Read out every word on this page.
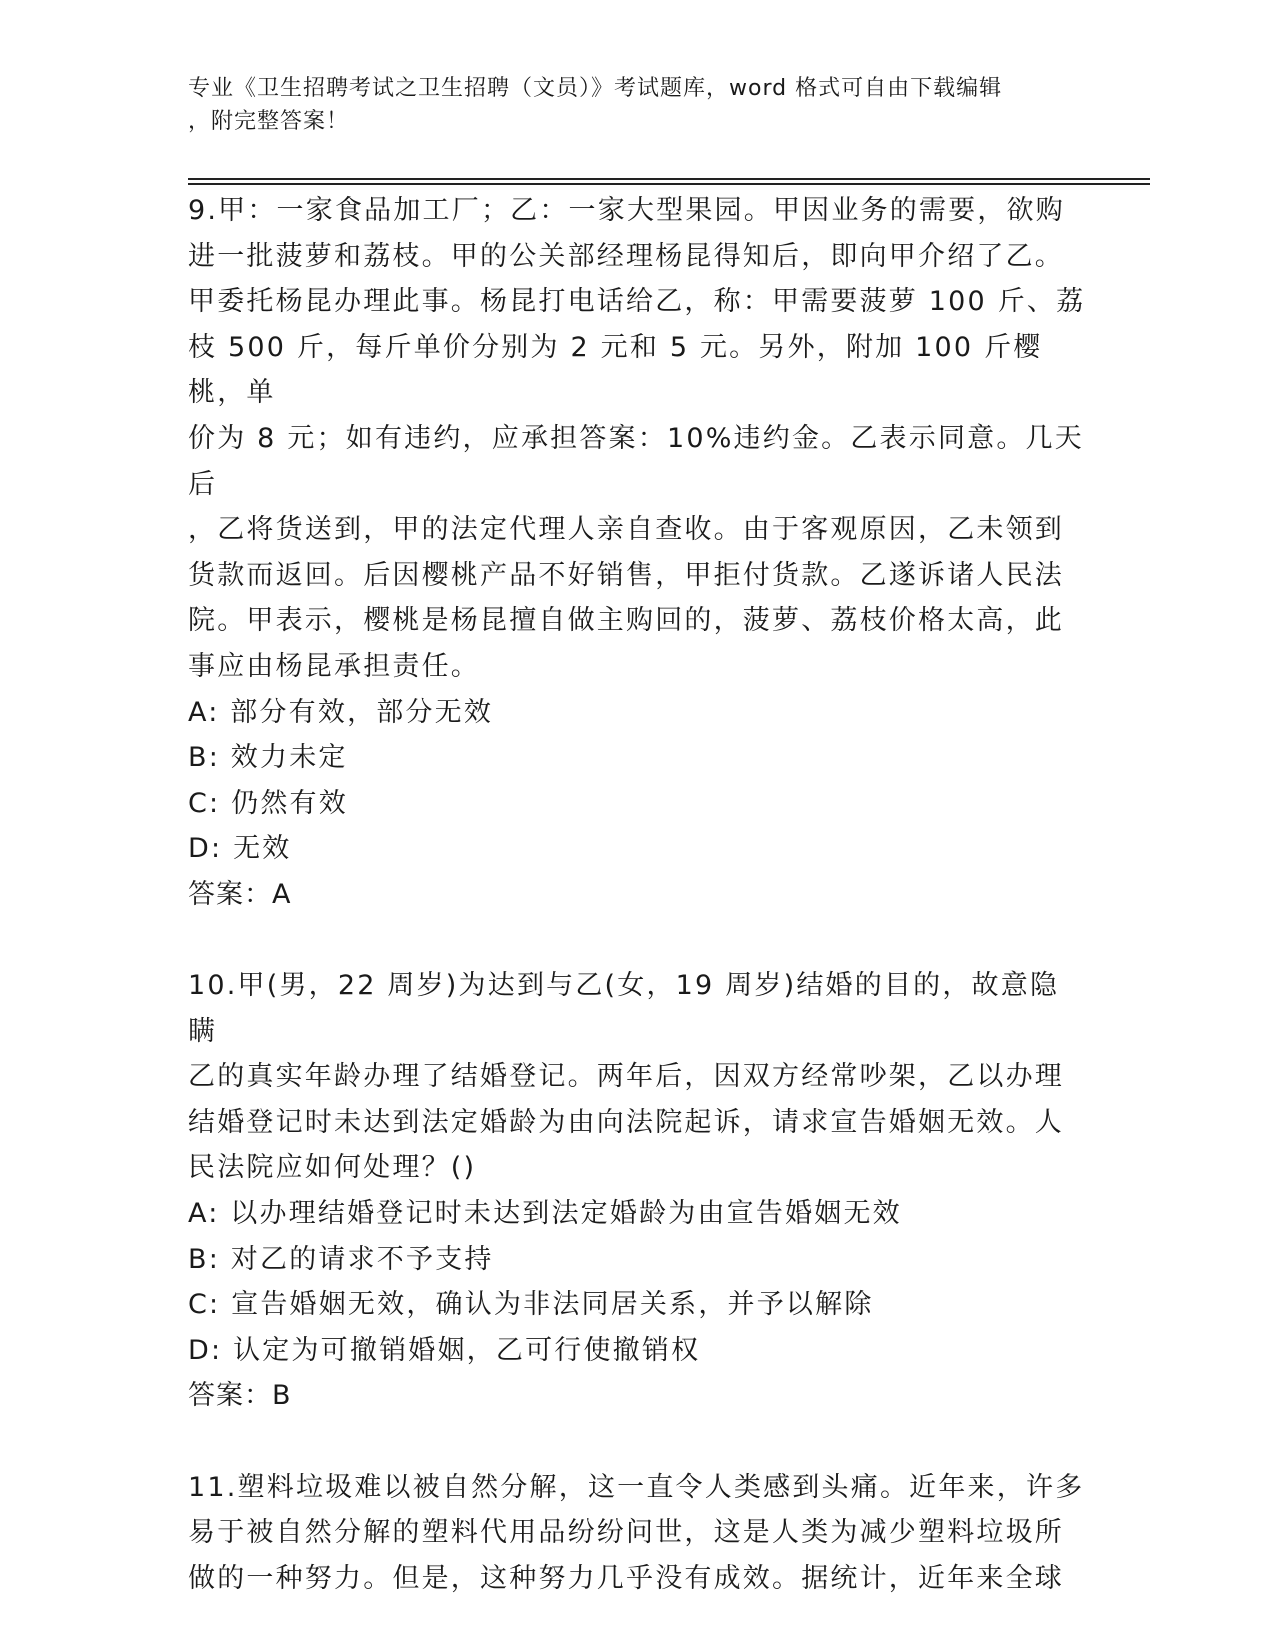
专业《卫生招聘考试之卫生招聘（文员）》考试题库，word 格式可自由下载编辑
，附完整答案！
9.甲：一家食品加工厂；乙：一家大型果园。甲因业务的需要，欲购
进一批菠萝和荔枝。甲的公关部经理杨昆得知后，即向甲介绍了乙。
甲委托杨昆办理此事。杨昆打电话给乙，称：甲需要菠萝 100 斤、荔
枝 500 斤，每斤单价分别为 2 元和 5 元。另外，附加 100 斤樱桃，单
价为 8 元；如有违约，应承担答案：10%违约金。乙表示同意。几天后
，乙将货送到，甲的法定代理人亲自查收。由于客观原因，乙未领到
货款而返回。后因樱桃产品不好销售，甲拒付货款。乙遂诉诸人民法
院。甲表示，樱桃是杨昆擅自做主购回的，菠萝、荔枝价格太高，此
事应由杨昆承担责任。
A: 部分有效，部分无效
B: 效力未定
C: 仍然有效
D: 无效
答案：A
10.甲(男，22 周岁)为达到与乙(女，19 周岁)结婚的目的，故意隐瞒
乙的真实年龄办理了结婚登记。两年后，因双方经常吵架，乙以办理
结婚登记时未达到法定婚龄为由向法院起诉，请求宣告婚姻无效。人
民法院应如何处理？()
A: 以办理结婚登记时未达到法定婚龄为由宣告婚姻无效
B: 对乙的请求不予支持
C: 宣告婚姻无效，确认为非法同居关系，并予以解除
D: 认定为可撤销婚姻，乙可行使撤销权
答案：B
11.塑料垃圾难以被自然分解，这一直令人类感到头痛。近年来，许多
易于被自然分解的塑料代用品纷纷问世，这是人类为减少塑料垃圾所
做的一种努力。但是，这种努力几乎没有成效。据统计，近年来全球
